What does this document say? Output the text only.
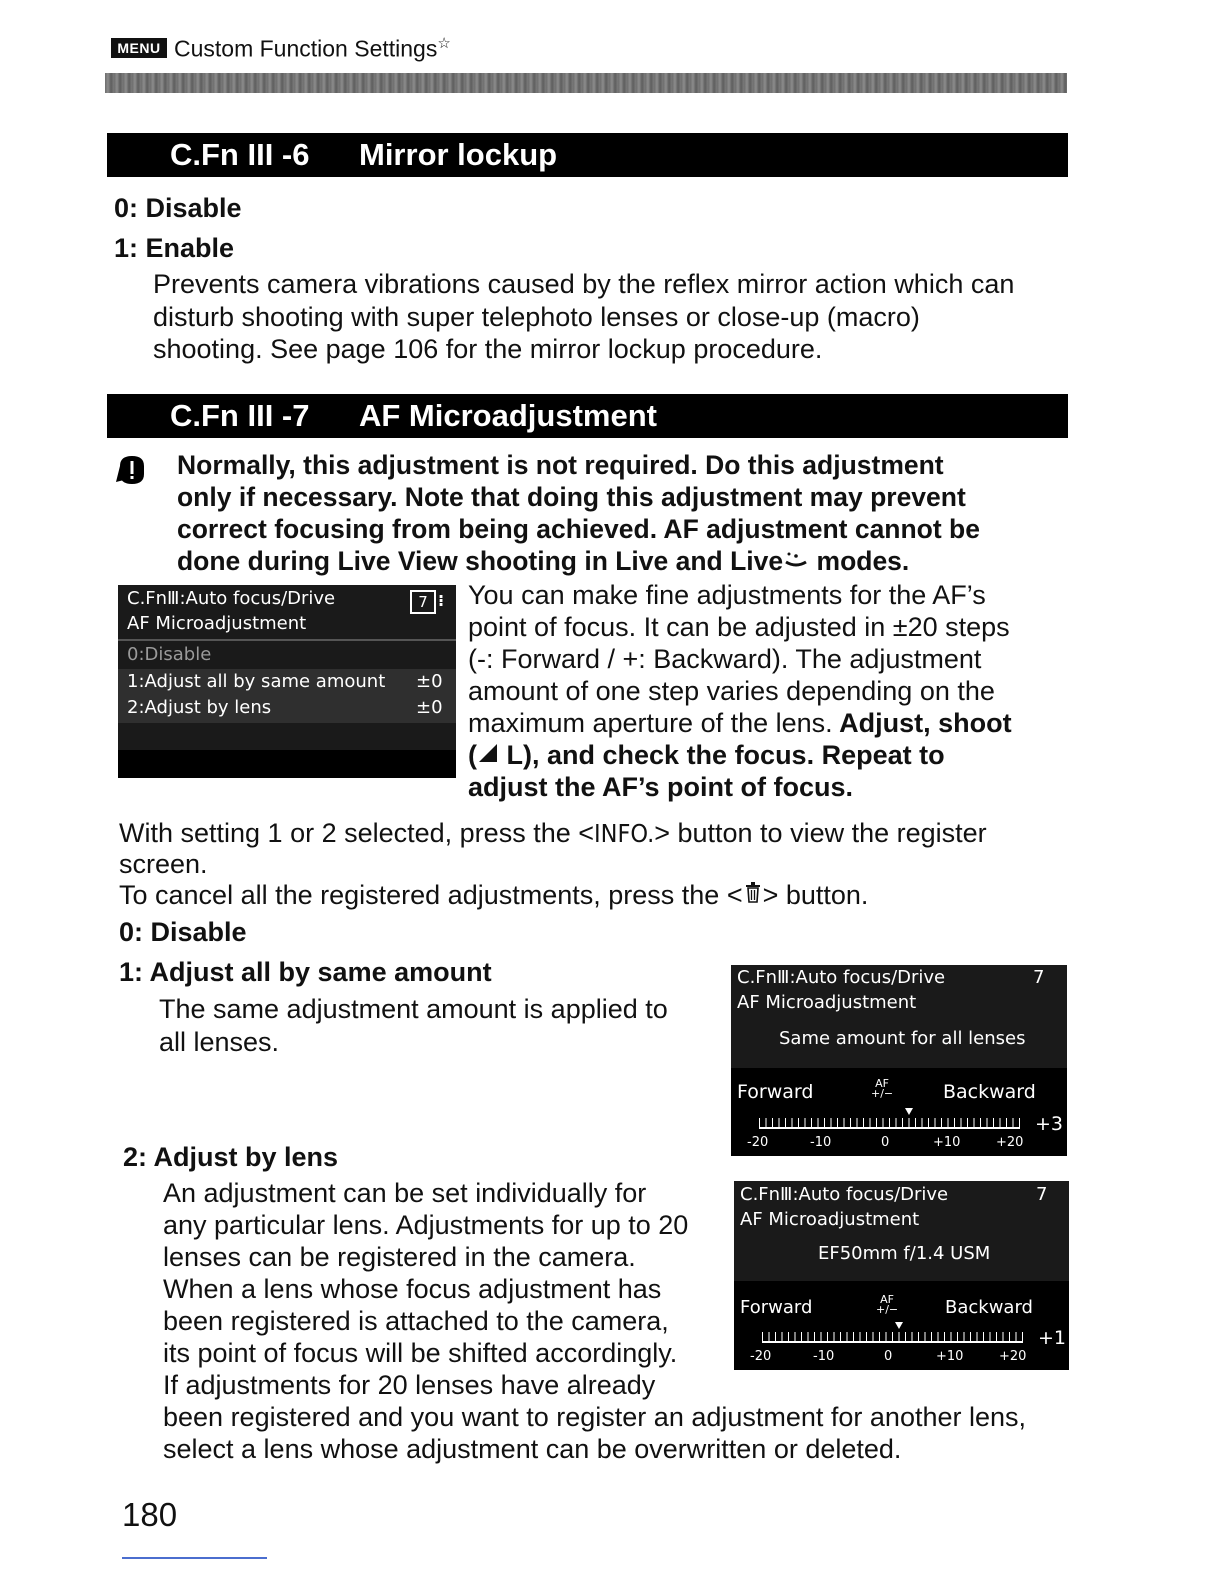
MENU Custom Function Settings☆
C.Fn III -6 Mirror lockup
0: Disable
1: Enable
Prevents camera vibrations caused by the reflex mirror action which can
disturb shooting with super telephoto lenses or close-up (macro)
shooting. See page 106 for the mirror lockup procedure.
C.Fn III -7 AF Microadjustment
Normally, this adjustment is not required. Do this adjustment
only if necessary. Note that doing this adjustment may prevent
correct focusing from being achieved. AF adjustment cannot be
done during Live View shooting in Live and Live modes.
C.FnⅢ:Auto focus/Drive	7 ⁝
AF Microadjustment
0:Disable
1:Adjust all by same amount ±0
2:Adjust by lens	±0
You can make fine adjustments for the AF’s
point of focus. It can be adjusted in ±20 steps
(-: Forward / +: Backward). The adjustment
amount of one step varies depending on the
maximum aperture of the lens. Adjust, shoot
( L), and check the focus. Repeat to
adjust the AF’s point of focus.
With setting 1 or 2 selected, press the <INFO.> button to view the register
screen.
To cancel all the registered adjustments, press the < > button.
0: Disable
1: Adjust all by same amount
The same adjustment amount is applied to
all lenses.
C.FnⅢ:Auto focus/Drive	7
AF Microadjustment
Same amount for all lenses
Forward	AF
+/−	Backward
+3
-20	-10	0	+10	+20
2: Adjust by lens
An adjustment can be set individually for
any particular lens. Adjustments for up to 20
lenses can be registered in the camera.
When a lens whose focus adjustment has
been registered is attached to the camera,
its point of focus will be shifted accordingly.
If adjustments for 20 lenses have already
been registered and you want to register an adjustment for another lens,
select a lens whose adjustment can be overwritten or deleted.
C.FnⅢ:Auto focus/Drive	7
AF Microadjustment
EF50mm f/1.4 USM
Forward	AF
+/−	Backward
+1
-20	-10	0	+10	+20
180
